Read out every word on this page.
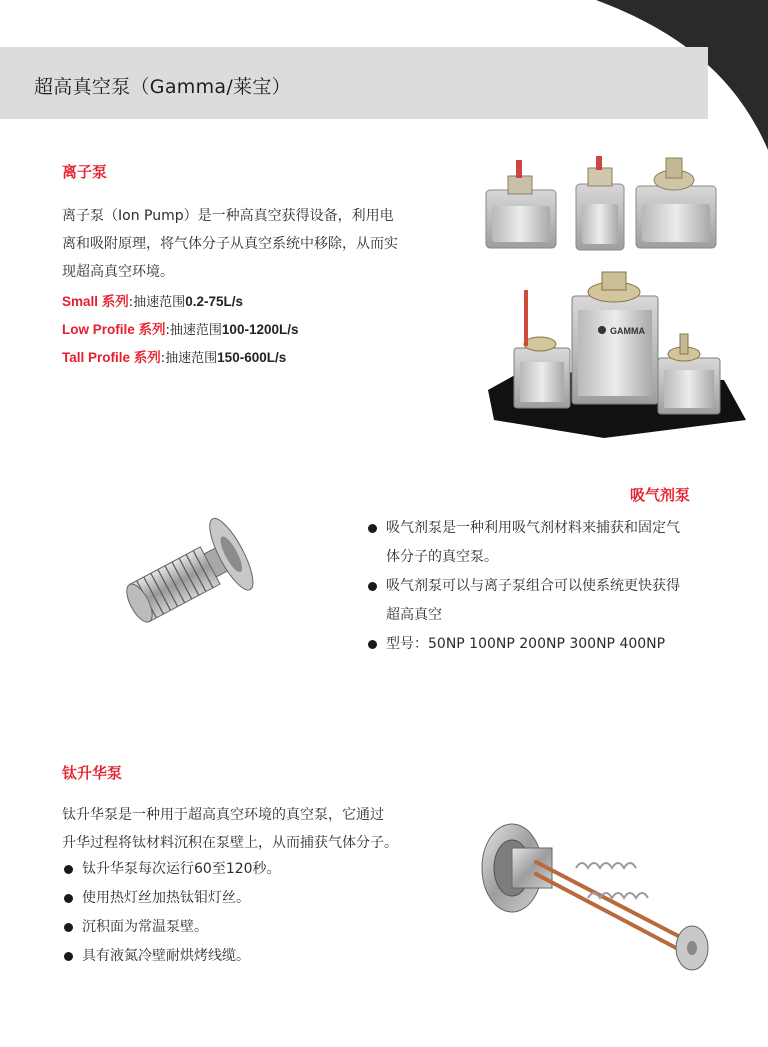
超高真空泵（Gamma/莱宝）
离子泵
离子泵（Ion Pump）是一种高真空获得设备，利用电
离和吸附原理，将气体分子从真空系统中移除，从而实
现超高真空环境。
Small 系列:抽速范围0.2-75L/s
Low Profile 系列:抽速范围100-1200L/s
Tall Profile 系列:抽速范围150-600L/s
GAMMA
吸气剂泵
吸气剂泵是一种利用吸气剂材料来捕获和固定气
体分子的真空泵。
吸气剂泵可以与离子泵组合可以使系统更快获得
超高真空
型号：50NP 100NP 200NP 300NP 400NP
钛升华泵
钛升华泵是一种用于超高真空环境的真空泵，它通过
升华过程将钛材料沉积在泵壁上，从而捕获气体分子。
钛升华泵每次运行60至120秒。
使用热灯丝加热钛钼灯丝。
沉积面为常温泵壁。
具有液氮冷壁耐烘烤线缆。
